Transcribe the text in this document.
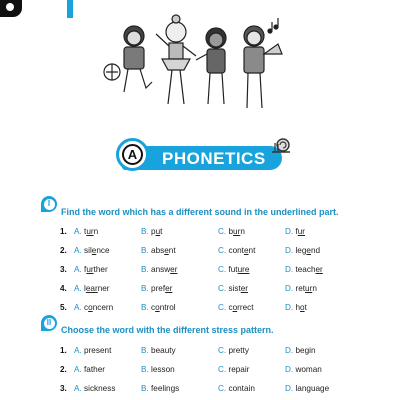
A	PHONETICS
I
Find the word which has a different sound in the underlined part.
1. A. turn	B. put	C. burn	D. fur
2. A. silence	B. absent	C. content	D. legend
3. A. further	B. answer	C. future	D. teacher
4. A. learner	B. prefer	C. sister	D. return
5. A. concern	B. control	C. correct	D. hot
II
Choose the word with the different stress pattern.
1. A. present	B. beauty	C. pretty	D. begin
2. A. father	B. lesson	C. repair	D. woman
3. A. sickness	B. feelings	C. contain	D. language
